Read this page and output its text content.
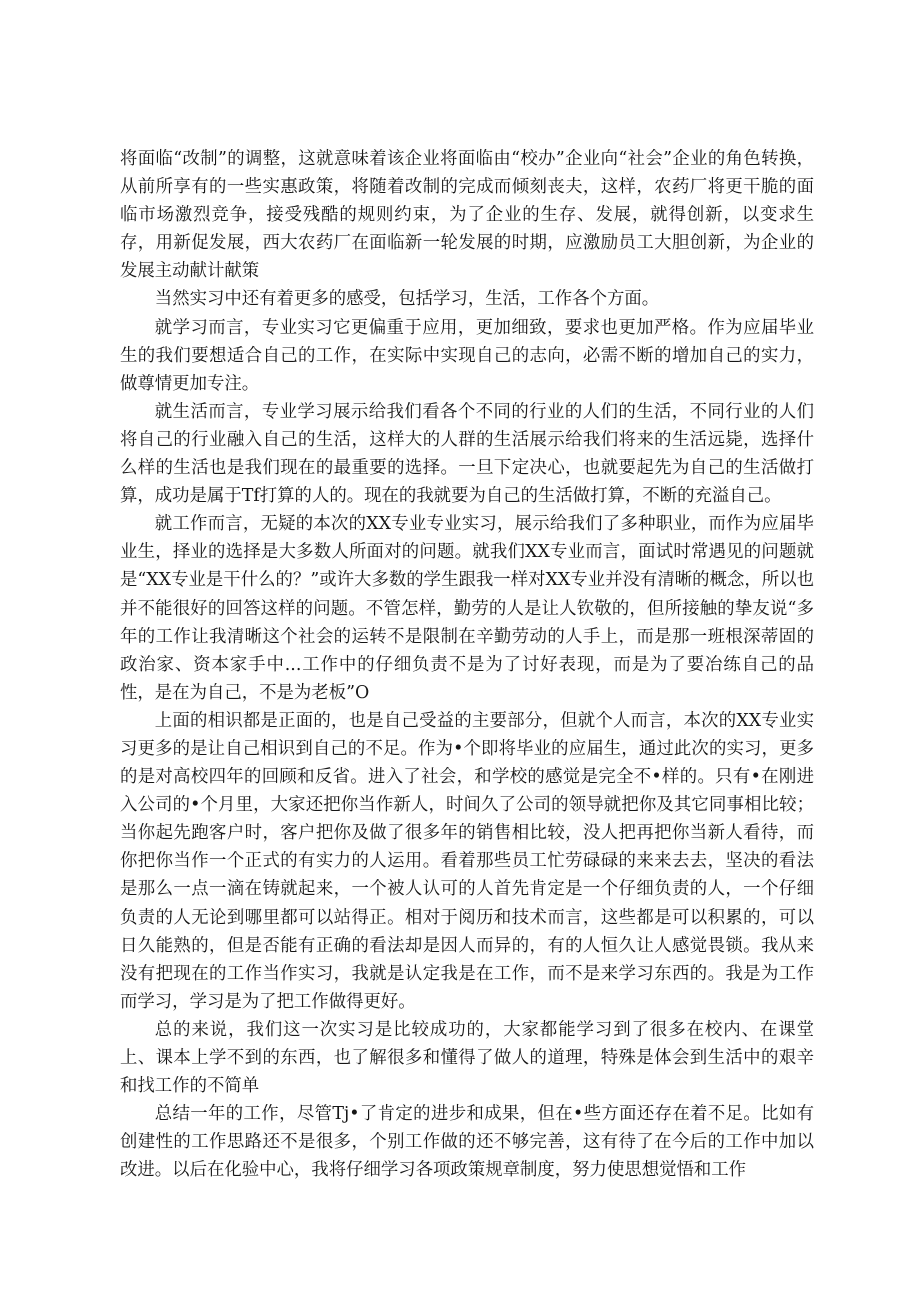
将面临“改制”的调整，这就意味着该企业将面临由“校办”企业向“社会”企业的角色转换，从前所享有的一些实惠政策，将随着改制的完成而倾刻丧夫，这样，农药厂将更干脆的面临市场激烈竞争，接受残酷的规则约束，为了企业的生存、发展，就得创新，以变求生存，用新促发展，西大农药厂在面临新一轮发展的时期，应激励员工大胆创新，为企业的发展主动献计献策

当然实习中还有着更多的感受，包括学习，生活，工作各个方面。

就学习而言，专业实习它更偏重于应用，更加细致，要求也更加严格。作为应届毕业生的我们要想适合自己的工作，在实际中实现自己的志向，必需不断的增加自己的实力，做尊情更加专注。

就生活而言，专业学习展示给我们看各个不同的行业的人们的生活，不同行业的人们将自己的行业融入自己的生活，这样大的人群的生活展示给我们将来的生活远毙，选择什么样的生活也是我们现在的最重要的选择。一旦下定决心，也就要起先为自己的生活做打算，成功是属于Tf打算的人的。现在的我就要为自己的生活做打算，不断的充溢自己。

就工作而言，无疑的本次的XX专业专业实习，展示给我们了多种职业，而作为应届毕业生，择业的选择是大多数人所面对的问题。就我们XX专业而言，面试时常遇见的问题就是“XX专业是干什么的？”或许大多数的学生跟我一样对XX专业并没有清晰的概念，所以也并不能很好的回答这样的问题。不管怎样，勤劳的人是让人钦敬的，但所接触的挚友说“多年的工作让我清晰这个社会的运转不是限制在辛勤劳动的人手上，而是那一班根深蒂固的政治家、资本家手中...工作中的仔细负责不是为了讨好表现，而是为了要冶练自己的品性，是在为自己，不是为老板”O

上面的相识都是正面的，也是自己受益的主要部分，但就个人而言，本次的XX专业实习更多的是让自己相识到自己的不足。作为•个即将毕业的应届生，通过此次的实习，更多的是对高校四年的回顾和反省。进入了社会，和学校的感觉是完全不•样的。只有•在刚进入公司的•个月里，大家还把你当作新人，时间久了公司的领导就把你及其它同事相比较；当你起先跑客户时，客户把你及做了很多年的销售相比较，没人把再把你当新人看待，而你把你当作一个正式的有实力的人运用。看着那些员工忙劳碌碌的来来去去，坚决的看法是那么一点一滴在铸就起来，一个被人认可的人首先肯定是一个仔细负责的人，一个仔细负责的人无论到哪里都可以站得正。相对于阅历和技术而言，这些都是可以积累的，可以日久能熟的，但是否能有正确的看法却是因人而异的，有的人恒久让人感觉畏锁。我从来没有把现在的工作当作实习，我就是认定我是在工作，而不是来学习东西的。我是为工作而学习，学习是为了把工作做得更好。

总的来说，我们这一次实习是比较成功的，大家都能学习到了很多在校内、在课堂上、课本上学不到的东西，也了解很多和懂得了做人的道理，特殊是体会到生活中的艰辛和找工作的不简单

总结一年的工作，尽管Tj•了肯定的进步和成果，但在•些方面还存在着不足。比如有创建性的工作思路还不是很多，个别工作做的还不够完善，这有待了在今后的工作中加以改进。以后在化验中心，我将仔细学习各项政策规章制度，努力使思想觉悟和工作
